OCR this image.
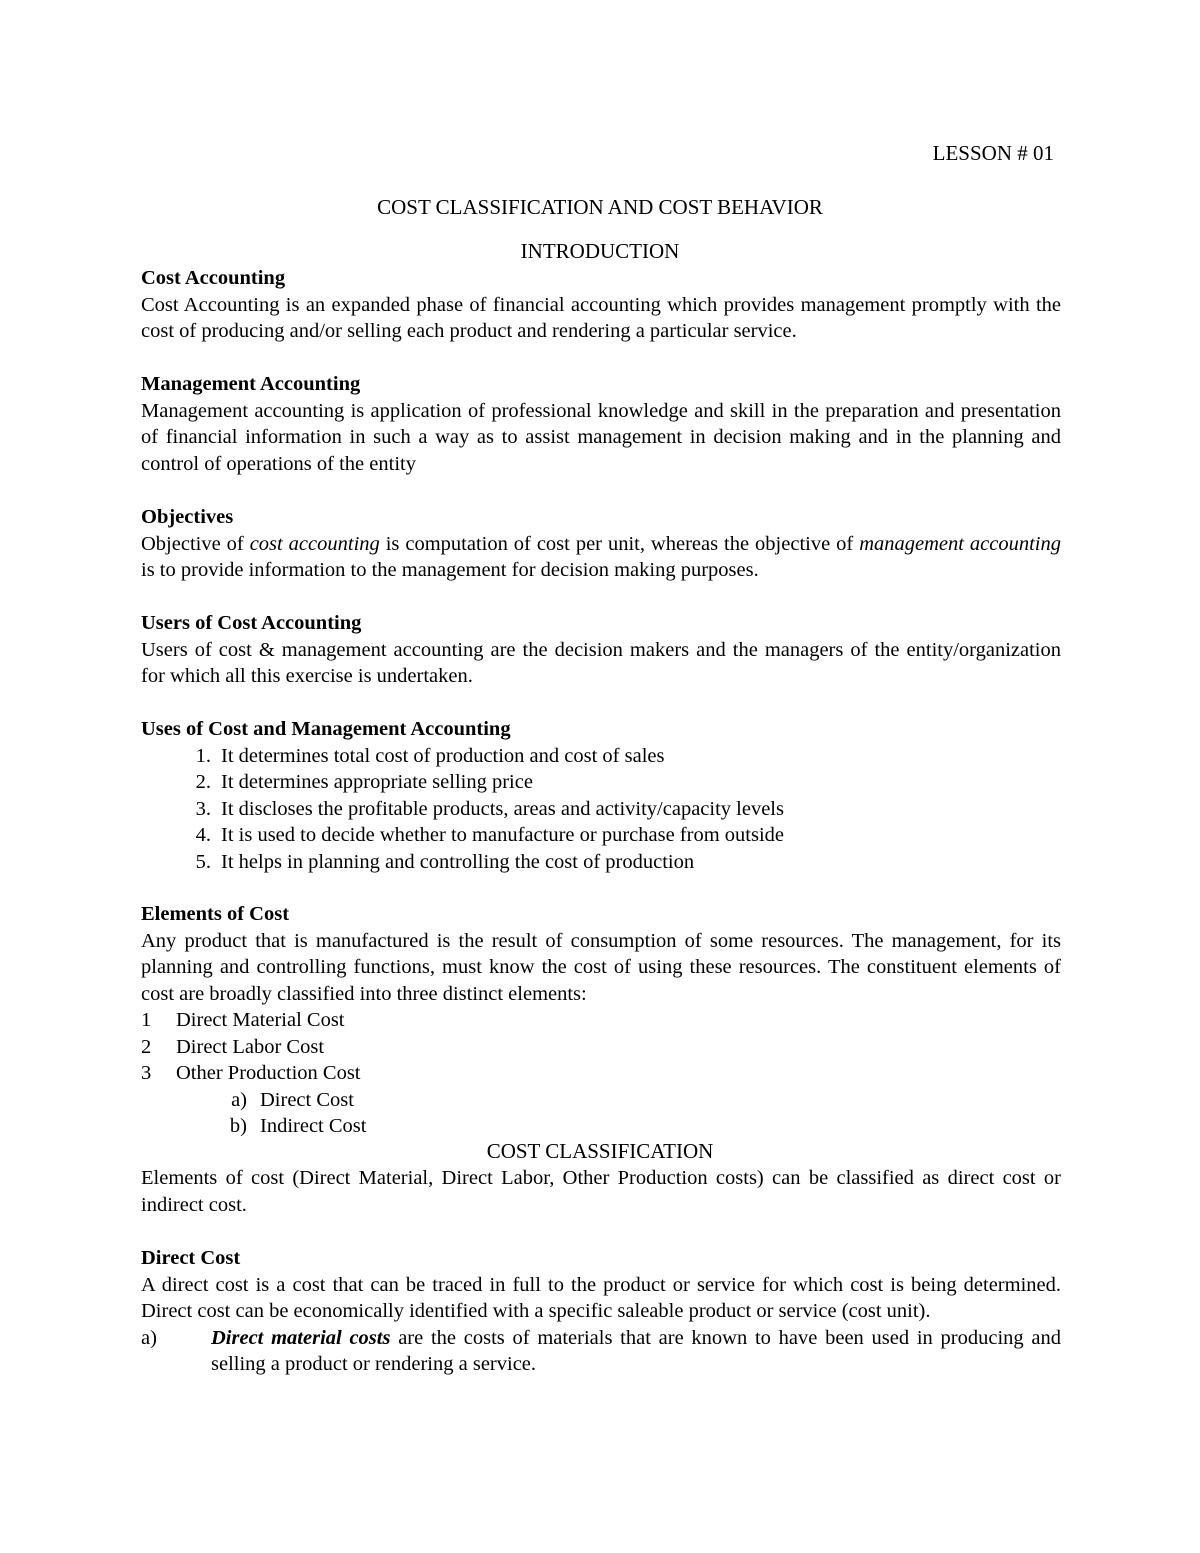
LESSON # 01
COST CLASSIFICATION AND COST BEHAVIOR
INTRODUCTION
Cost Accounting
Cost Accounting is an expanded phase of financial accounting which provides management promptly with the cost of producing and/or selling each product and rendering a particular service.
Management Accounting
Management accounting is application of professional knowledge and skill in the preparation and presentation of financial information in such a way as to assist management in decision making and in the planning and control of operations of the entity
Objectives
Objective of cost accounting is computation of cost per unit, whereas the objective of management accounting is to provide information to the management for decision making purposes.
Users of Cost Accounting
Users of cost & management accounting are the decision makers and the managers of the entity/organization for which all this exercise is undertaken.
Uses of Cost and Management Accounting
1. It determines total cost of production and cost of sales
2. It determines appropriate selling price
3. It discloses the profitable products, areas and activity/capacity levels
4. It is used to decide whether to manufacture or purchase from outside
5. It helps in planning and controlling the cost of production
Elements of Cost
Any product that is manufactured is the result of consumption of some resources. The management, for its planning and controlling functions, must know the cost of using these resources. The constituent elements of cost are broadly classified into three distinct elements:
1	Direct Material Cost
2	Direct Labor Cost
3	Other Production Cost
a) Direct Cost
b) Indirect Cost
COST CLASSIFICATION
Elements of cost (Direct Material, Direct Labor, Other Production costs) can be classified as direct cost or indirect cost.
Direct Cost
A direct cost is a cost that can be traced in full to the product or service for which cost is being determined. Direct cost can be economically identified with a specific saleable product or service (cost unit).
a)	Direct material costs are the costs of materials that are known to have been used in producing and selling a product or rendering a service.
